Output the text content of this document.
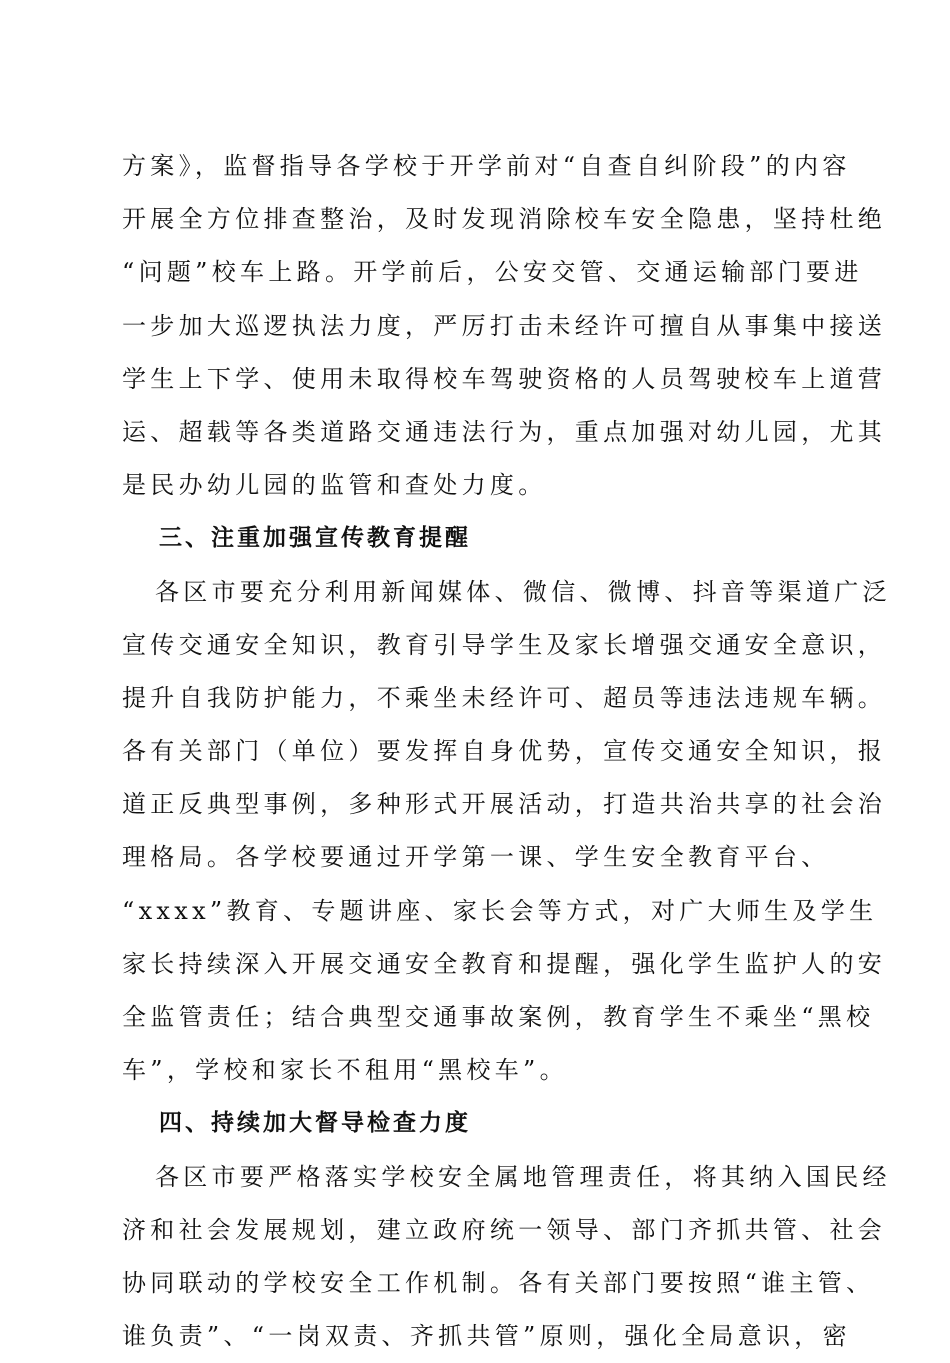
方案》，监督指导各学校于开学前对“自查自纠阶段”的内容
开展全方位排查整治，及时发现消除校车安全隐患，坚持杜绝
“问题”校车上路。开学前后，公安交管、交通运输部门要进
一步加大巡逻执法力度，严厉打击未经许可擅自从事集中接送
学生上下学、使用未取得校车驾驶资格的人员驾驶校车上道营
运、超载等各类道路交通违法行为，重点加强对幼儿园，尤其
是民办幼儿园的监管和查处力度。
三、注重加强宣传教育提醒
各区市要充分利用新闻媒体、微信、微博、抖音等渠道广泛
宣传交通安全知识，教育引导学生及家长增强交通安全意识，
提升自我防护能力，不乘坐未经许可、超员等违法违规车辆。
各有关部门（单位）要发挥自身优势，宣传交通安全知识，报
道正反典型事例，多种形式开展活动，打造共治共享的社会治
理格局。各学校要通过开学第一课、学生安全教育平台、
“xxxx”教育、专题讲座、家长会等方式，对广大师生及学生
家长持续深入开展交通安全教育和提醒，强化学生监护人的安
全监管责任；结合典型交通事故案例，教育学生不乘坐“黑校
车”，学校和家长不租用“黑校车”。
四、持续加大督导检查力度
各区市要严格落实学校安全属地管理责任，将其纳入国民经
济和社会发展规划，建立政府统一领导、部门齐抓共管、社会
协同联动的学校安全工作机制。各有关部门要按照“谁主管、
谁负责”、“一岗双责、齐抓共管”原则，强化全局意识，密
